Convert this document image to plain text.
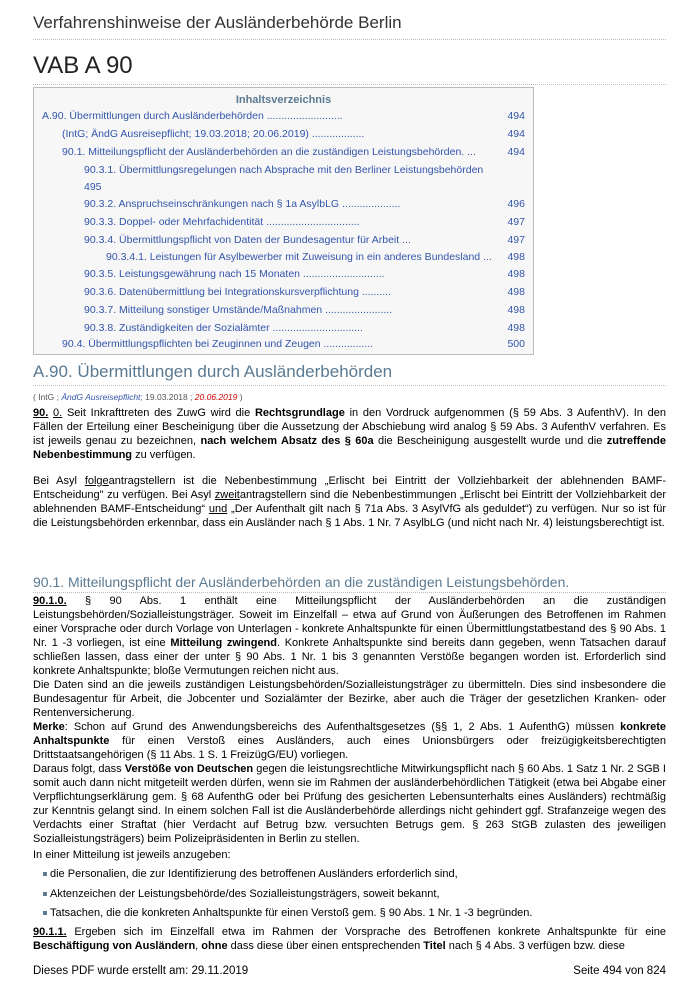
Verfahrenshinweise der Ausländerbehörde Berlin
VAB A 90
Inhaltsverzeichnis
A.90. Übermittlungen durch Ausländerbehörden ..........................	494
(IntG; ÄndG Ausreisepflicht; 19.03.2018; 20.06.2019) ..................	494
90.1. Mitteilungspflicht der Ausländerbehörden an die zuständigen Leistungsbehörden. ...	494
90.3.1. Übermittlungsregelungen nach Absprache mit den Berliner Leistungsbehörden
495
90.3.2. Anspruchseinschränkungen nach § 1a AsylbLG ....................	496
90.3.3. Doppel- oder Mehrfachidentität ................................	497
90.3.4. Übermittlungspflicht von Daten der Bundesagentur für Arbeit ...	497
90.3.4.1. Leistungen für Asylbewerber mit Zuweisung in ein anderes Bundesland ... 498
90.3.5. Leistungsgewährung nach 15 Monaten ............................	498
90.3.6. Datenübermittlung bei Integrationskursverpflichtung ..........	498
90.3.7. Mitteilung sonstiger Umstände/Maßnahmen .......................	498
90.3.8. Zuständigkeiten der Sozialämter ...............................	498
90.4. Übermittlungspflichten bei Zeuginnen und Zeugen .................	500
A.90. Übermittlungen durch Ausländerbehörden
( IntG ; ÄndG Ausreisepflicht; 19.03.2018 ; 20.06.2019 )
90. 0. Seit Inkrafttreten des ZuwG wird die Rechtsgrundlage in den Vordruck aufgenommen (§ 59 Abs. 3 AufenthV). In den Fällen der Erteilung einer Bescheinigung über die Aussetzung der Abschiebung wird analog § 59 Abs. 3 AufenthV verfahren. Es ist jeweils genau zu bezeichnen, nach welchem Absatz des § 60a die Bescheinigung ausgestellt wurde und die zutreffende Nebenbestimmung zu verfügen.
Bei Asyl folgeantragstellern ist die Nebenbestimmung „Erlischt bei Eintritt der Vollziehbarkeit der ablehnenden BAMF-Entscheidung" zu verfügen. Bei Asyl zweitantragstellern sind die Nebenbestimmungen „Erlischt bei Eintritt der Vollziehbarkeit der ablehnenden BAMF-Entscheidung“ und „Der Aufenthalt gilt nach § 71a Abs. 3 AsylVfG als geduldet“) zu verfügen. Nur so ist für die Leistungsbehörden erkennbar, dass ein Ausländer nach § 1 Abs. 1 Nr. 7 AsylbLG (und nicht nach Nr. 4) leistungsberechtigt ist.
90.1. Mitteilungspflicht der Ausländerbehörden an die zuständigen Leistungsbehörden.
90.1.0. § 90 Abs. 1 enthält eine Mitteilungspflicht der Ausländerbehörden an die zuständigen Leistungsbehörden/Sozialleistungsträger. Soweit im Einzelfall – etwa auf Grund von Äußerungen des Betroffenen im Rahmen einer Vorsprache oder durch Vorlage von Unterlagen - konkrete Anhaltspunkte für einen Übermittlungstatbestand des § 90 Abs. 1 Nr. 1 -3 vorliegen, ist eine Mitteilung zwingend. Konkrete Anhaltspunkte sind bereits dann gegeben, wenn Tatsachen darauf schließen lassen, dass einer der unter § 90 Abs. 1 Nr. 1 bis 3 genannten Verstöße begangen worden ist. Erforderlich sind konkrete Anhaltspunkte; bloße Vermutungen reichen nicht aus.
Die Daten sind an die jeweils zuständigen Leistungsbehörden/Sozialleistungsträger zu übermitteln. Dies sind insbesondere die Bundesagentur für Arbeit, die Jobcenter und Sozialämter der Bezirke, aber auch die Träger der gesetzlichen Kranken- oder Rentenversicherung.
Merke: Schon auf Grund des Anwendungsbereichs des Aufenthaltsgesetzes (§§ 1, 2 Abs. 1 AufenthG) müssen konkrete Anhaltspunkte für einen Verstoß eines Ausländers, auch eines Unionsbürgers oder freizügigkeitsberechtigten Drittstaatsangehörigen (§ 11 Abs. 1 S. 1 FreizügG/EU) vorliegen.
Daraus folgt, dass Verstöße von Deutschen gegen die leistungsrechtliche Mitwirkungspflicht nach § 60 Abs. 1 Satz 1 Nr. 2 SGB I somit auch dann nicht mitgeteilt werden dürfen, wenn sie im Rahmen der ausländerbehördlichen Tätigkeit (etwa bei Abgabe einer Verpflichtungserklärung gem. § 68 AufenthG oder bei Prüfung des gesicherten Lebensunterhalts eines Ausländers) rechtmäßig zur Kenntnis gelangt sind. In einem solchen Fall ist die Ausländerbehörde allerdings nicht gehindert ggf. Strafanzeige wegen des Verdachts einer Straftat (hier Verdacht auf Betrug bzw. versuchten Betrugs gem. § 263 StGB zulasten des jeweiligen Sozialleistungsträgers) beim Polizeipräsidenten in Berlin zu stellen.
In einer Mitteilung ist jeweils anzugeben:
die Personalien, die zur Identifizierung des betroffenen Ausländers erforderlich sind,
Aktenzeichen der Leistungsbehörde/des Sozialleistungsträgers, soweit bekannt,
Tatsachen, die die konkreten Anhaltspunkte für einen Verstoß gem. § 90 Abs. 1 Nr. 1 -3 begründen.
90.1.1. Ergeben sich im Einzelfall etwa im Rahmen der Vorsprache des Betroffenen konkrete Anhaltspunkte für eine Beschäftigung von Ausländern, ohne dass diese über einen entsprechenden Titel nach § 4 Abs. 3 verfügen bzw. diese
Dieses PDF wurde erstellt am: 29.11.2019	Seite 494 von 824
